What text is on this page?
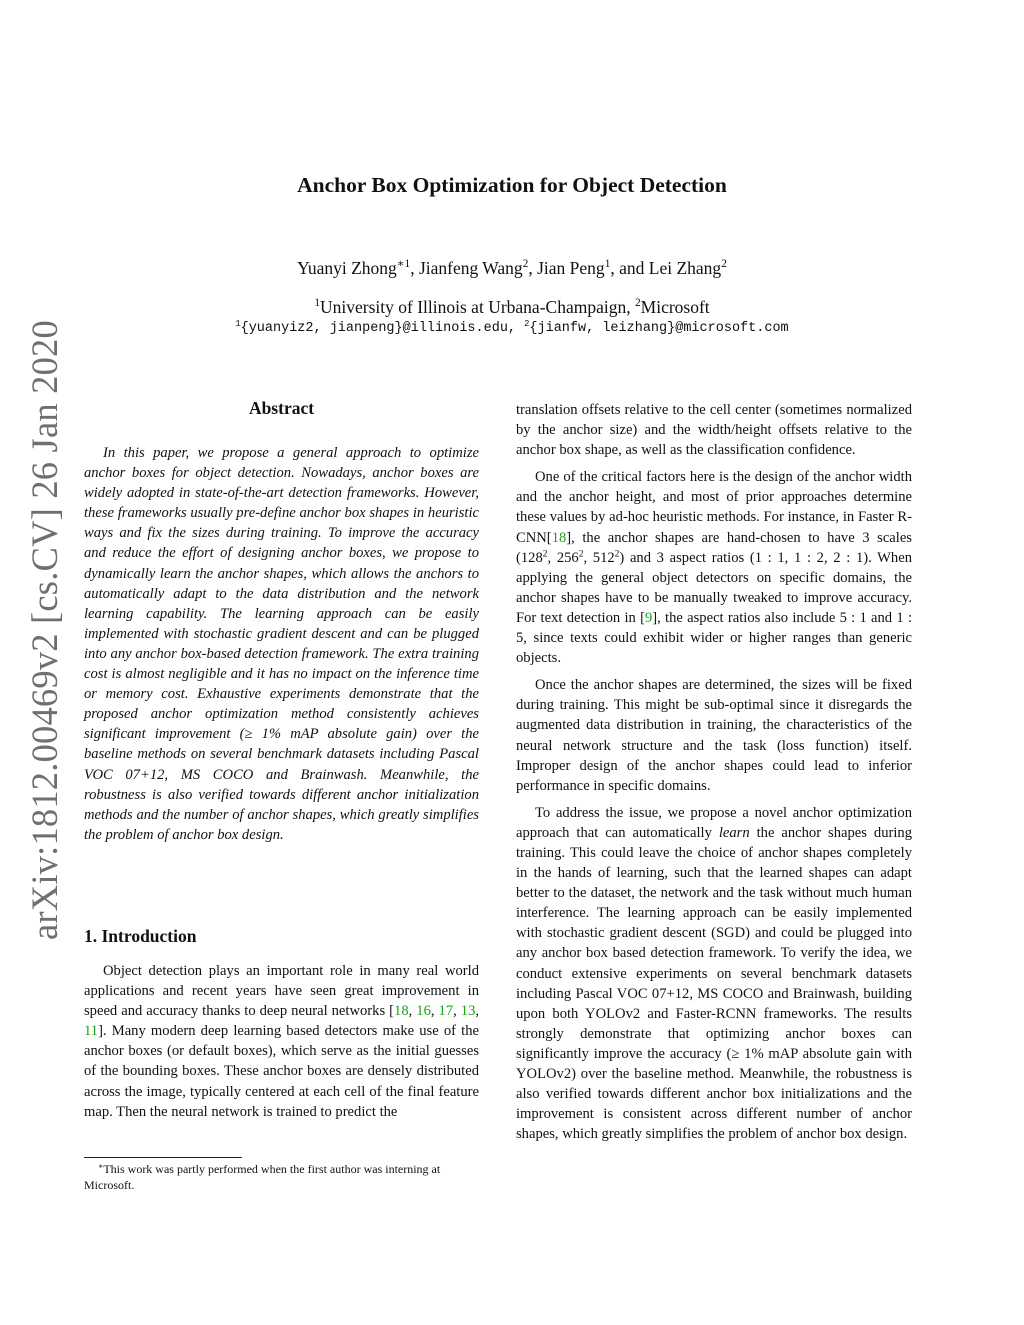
arXiv:1812.00469v2 [cs.CV] 26 Jan 2020
Anchor Box Optimization for Object Detection
Yuanyi Zhong$^{∗1}$, Jianfeng Wang$^2$, Jian Peng$^1$, and Lei Zhang$^2$
$^1$University of Illinois at Urbana-Champaign, $^2$Microsoft
$^1${yuanyiz2, jianpeng}@illinois.edu, $^2${jianfw, leizhang}@microsoft.com
Abstract
In this paper, we propose a general approach to optimize anchor boxes for object detection. Nowadays, anchor boxes are widely adopted in state-of-the-art detection frameworks. However, these frameworks usually pre-define anchor box shapes in heuristic ways and fix the sizes during training. To improve the accuracy and reduce the effort of designing anchor boxes, we propose to dynamically learn the anchor shapes, which allows the anchors to automatically adapt to the data distribution and the network learning capability. The learning approach can be easily implemented with stochastic gradient descent and can be plugged into any anchor box-based detection framework. The extra training cost is almost negligible and it has no impact on the inference time or memory cost. Exhaustive experiments demonstrate that the proposed anchor optimization method consistently achieves significant improvement (≥ 1% mAP absolute gain) over the baseline methods on several benchmark datasets including Pascal VOC 07+12, MS COCO and Brainwash. Meanwhile, the robustness is also verified towards different anchor initialization methods and the number of anchor shapes, which greatly simplifies the problem of anchor box design.
1. Introduction
Object detection plays an important role in many real world applications and recent years have seen great improvement in speed and accuracy thanks to deep neural networks [18, 16, 17, 13, 11]. Many modern deep learning based detectors make use of the anchor boxes (or default boxes), which serve as the initial guesses of the bounding boxes. These anchor boxes are densely distributed across the image, typically centered at each cell of the final feature map. Then the neural network is trained to predict the
∗This work was partly performed when the first author was interning at Microsoft.

translation offsets relative to the cell center (sometimes normalized by the anchor size) and the width/height offsets relative to the anchor box shape, as well as the classification confidence.

One of the critical factors here is the design of the anchor width and the anchor height, and most of prior approaches determine these values by ad-hoc heuristic methods. For instance, in Faster R-CNN[18], the anchor shapes are hand-chosen to have 3 scales ($128^2$, $256^2$, $512^2$) and 3 aspect ratios (1 : 1, 1 : 2, 2 : 1). When applying the general object detectors on specific domains, the anchor shapes have to be manually tweaked to improve accuracy. For text detection in [9], the aspect ratios also include 5 : 1 and 1 : 5, since texts could exhibit wider or higher ranges than generic objects.

Once the anchor shapes are determined, the sizes will be fixed during training. This might be sub-optimal since it disregards the augmented data distribution in training, the characteristics of the neural network structure and the task (loss function) itself. Improper design of the anchor shapes could lead to inferior performance in specific domains.

To address the issue, we propose a novel anchor optimization approach that can automatically learn the anchor shapes during training. This could leave the choice of anchor shapes completely in the hands of learning, such that the learned shapes can adapt better to the dataset, the network and the task without much human interference. The learning approach can be easily implemented with stochastic gradient descent (SGD) and could be plugged into any anchor box based detection framework. To verify the idea, we conduct extensive experiments on several benchmark datasets including Pascal VOC 07+12, MS COCO and Brainwash, building upon both YOLOv2 and Faster-RCNN frameworks. The results strongly demonstrate that optimizing anchor boxes can significantly improve the accuracy (≥ 1% mAP absolute gain with YOLOv2) over the baseline method. Meanwhile, the robustness is also verified towards different anchor box initializations and the improvement is consistent across different number of anchor shapes, which greatly simplifies the problem of anchor box design.
